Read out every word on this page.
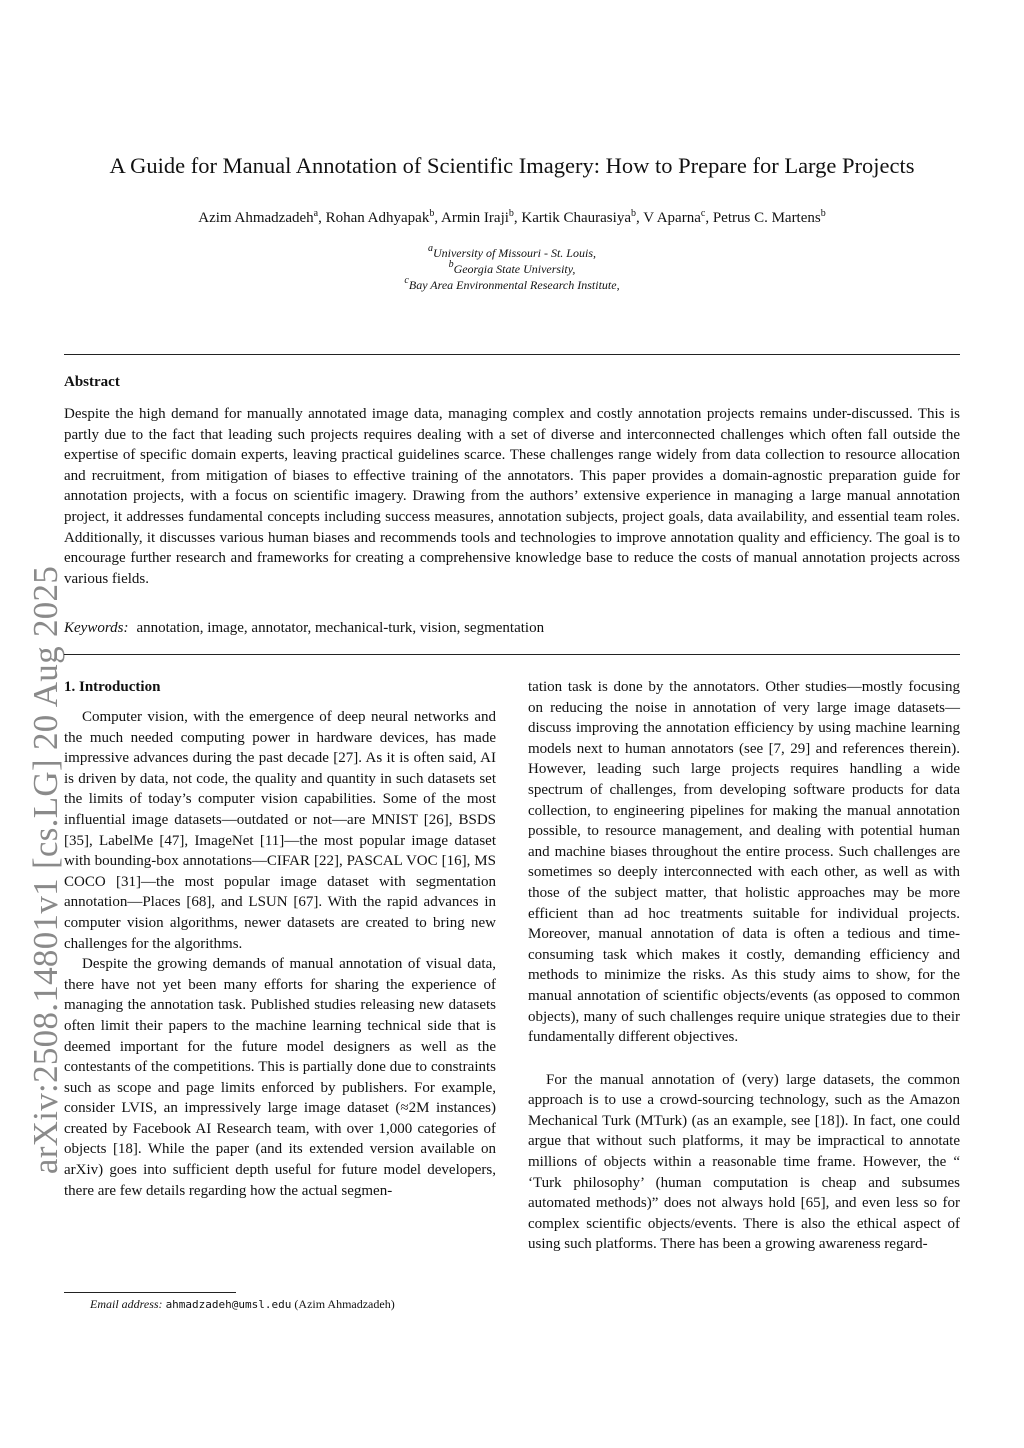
arXiv:2508.14801v1 [cs.LG] 20 Aug 2025
A Guide for Manual Annotation of Scientific Imagery: How to Prepare for Large Projects
Azim Ahmadzadeh$^a$, Rohan Adhyapak$^b$, Armin Iraji$^b$, Kartik Chaurasiya$^b$, V Aparna$^c$, Petrus C. Martens$^b$
$^a$University of Missouri - St. Louis,
$^b$Georgia State University,
$^c$Bay Area Environmental Research Institute,
Abstract
Despite the high demand for manually annotated image data, managing complex and costly annotation projects remains under-discussed. This is partly due to the fact that leading such projects requires dealing with a set of diverse and interconnected challenges which often fall outside the expertise of specific domain experts, leaving practical guidelines scarce. These challenges range widely from data collection to resource allocation and recruitment, from mitigation of biases to effective training of the annotators. This paper provides a domain-agnostic preparation guide for annotation projects, with a focus on scientific imagery. Drawing from the authors’ extensive experience in managing a large manual annotation project, it addresses fundamental concepts including success measures, annotation subjects, project goals, data availability, and essential team roles. Additionally, it discusses various human biases and recommends tools and technologies to improve annotation quality and efficiency. The goal is to encourage further research and frameworks for creating a comprehensive knowledge base to reduce the costs of manual annotation projects across various fields.
Keywords: annotation, image, annotator, mechanical-turk, vision, segmentation
1. Introduction

Computer vision, with the emergence of deep neural networks and the much needed computing power in hardware devices, has made impressive advances during the past decade [27]. As it is often said, AI is driven by data, not code, the quality and quantity in such datasets set the limits of today’s computer vision capabilities. Some of the most influential image datasets—outdated or not—are MNIST [26], BSDS [35], LabelMe [47], ImageNet [11]—the most popular image dataset with bounding-box annotations—CIFAR [22], PASCAL VOC [16], MS COCO [31]—the most popular image dataset with segmentation annotation—Places [68], and LSUN [67]. With the rapid advances in computer vision algorithms, newer datasets are created to bring new challenges for the algorithms.

Despite the growing demands of manual annotation of visual data, there have not yet been many efforts for sharing the experience of managing the annotation task. Published studies releasing new datasets often limit their papers to the machine learning technical side that is deemed important for the future model designers as well as the contestants of the competitions. This is partially done due to constraints such as scope and page limits enforced by publishers. For example, consider LVIS, an impressively large image dataset (≈2M instances) created by Facebook AI Research team, with over 1,000 categories of objects [18]. While the paper (and its extended version available on arXiv) goes into sufficient depth useful for future model developers, there are few details regarding how the actual segmen-

tation task is done by the annotators. Other studies—mostly focusing on reducing the noise in annotation of very large image datasets—discuss improving the annotation efficiency by using machine learning models next to human annotators (see [7, 29] and references therein). However, leading such large projects requires handling a wide spectrum of challenges, from developing software products for data collection, to engineering pipelines for making the manual annotation possible, to resource management, and dealing with potential human and machine biases throughout the entire process. Such challenges are sometimes so deeply interconnected with each other, as well as with those of the subject matter, that holistic approaches may be more efficient than ad hoc treatments suitable for individual projects. Moreover, manual annotation of data is often a tedious and time-consuming task which makes it costly, demanding efficiency and methods to minimize the risks. As this study aims to show, for the manual annotation of scientific objects/events (as opposed to common objects), many of such challenges require unique strategies due to their fundamentally different objectives.

For the manual annotation of (very) large datasets, the common approach is to use a crowd-sourcing technology, such as the Amazon Mechanical Turk (MTurk) (as an example, see [18]). In fact, one could argue that without such platforms, it may be impractical to annotate millions of objects within a reasonable time frame. However, the “ ‘Turk philosophy’ (human computation is cheap and subsumes automated methods)” does not always hold [65], and even less so for complex scientific objects/events. There is also the ethical aspect of using such platforms. There has been a growing awareness regard-

Email address: ahmadzadeh@umsl.edu (Azim Ahmadzadeh)
